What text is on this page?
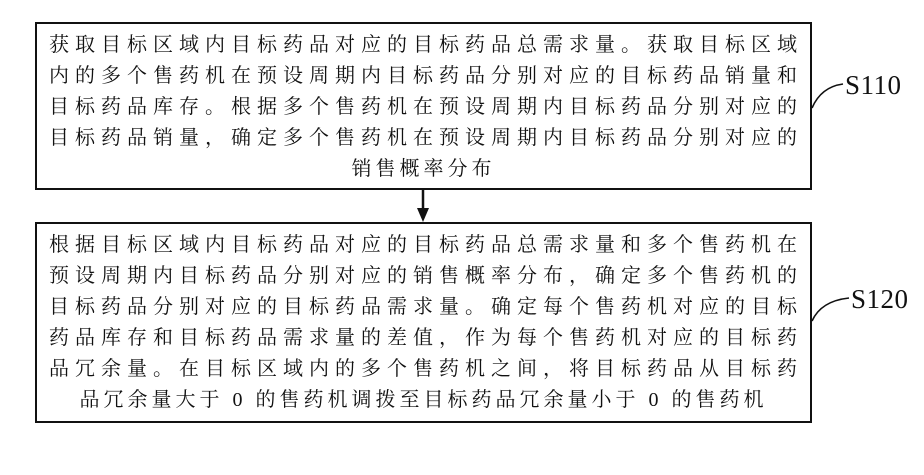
获取目标区域内目标药品对应的目标药品总需求量。获取目标区域
内的多个售药机在预设周期内目标药品分别对应的目标药品销量和
目标药品库存。根据多个售药机在预设周期内目标药品分别对应的
目标药品销量，确定多个售药机在预设周期内目标药品分别对应的
销售概率分布
根据目标区域内目标药品对应的目标药品总需求量和多个售药机在
预设周期内目标药品分别对应的销售概率分布，确定多个售药机的
目标药品分别对应的目标药品需求量。确定每个售药机对应的目标
药品库存和目标药品需求量的差值，作为每个售药机对应的目标药
品冗余量。在目标区域内的多个售药机之间，将目标药品从目标药
品冗余量大于 0 的售药机调拨至目标药品冗余量小于 0 的售药机
S110
S120
